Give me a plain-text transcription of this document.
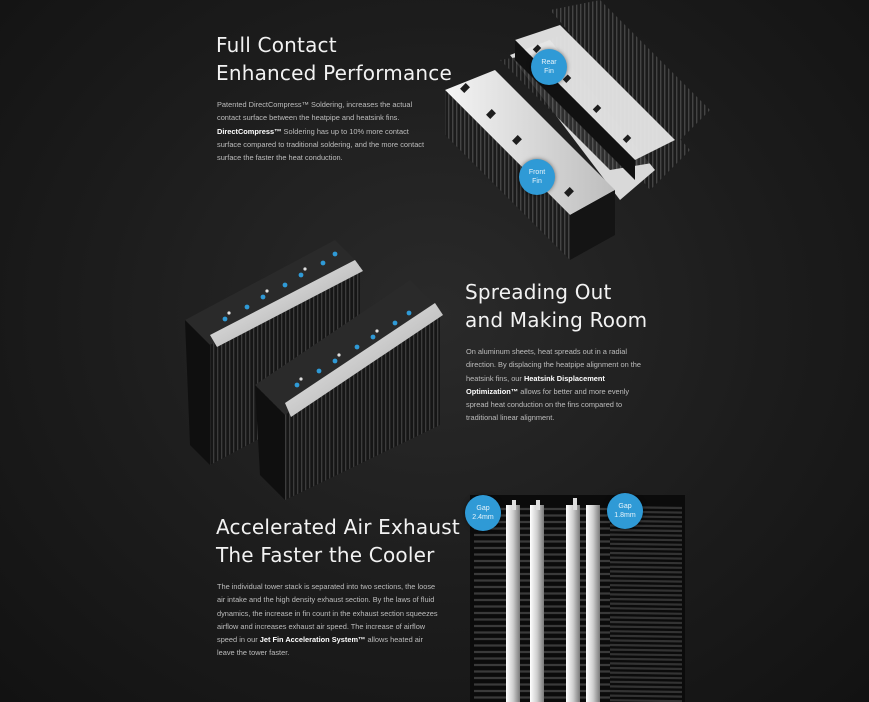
Full Contact
Enhanced Performance

Patented DirectCompress™ Soldering, increases the actual contact surface between the heatpipe and heatsink fins. DirectCompress™ Soldering has up to 10% more contact surface compared to traditional soldering, and the more contact surface the faster the heat conduction.

Rear
Fin
Front
Fin
Spreading Out
and Making Room

On aluminum sheets, heat spreads out in a radial direction. By displacing the heatpipe alignment on the heatsink fins, our Heatsink Displacement Optimization™ allows for better and more evenly spread heat conduction on the fins compared to traditional linear alignment.

Accelerated Air Exhaust
The Faster the Cooler

The individual tower stack is separated into two sections, the loose air intake and the high density exhaust section. By the laws of fluid dynamics, the increase in fin count in the exhaust section squeezes airflow and increases exhaust air speed. The increase of airflow speed in our Jet Fin Acceleration System™ allows heated air leave the tower faster.

Gap
2.4mm
Gap
1.8mm
